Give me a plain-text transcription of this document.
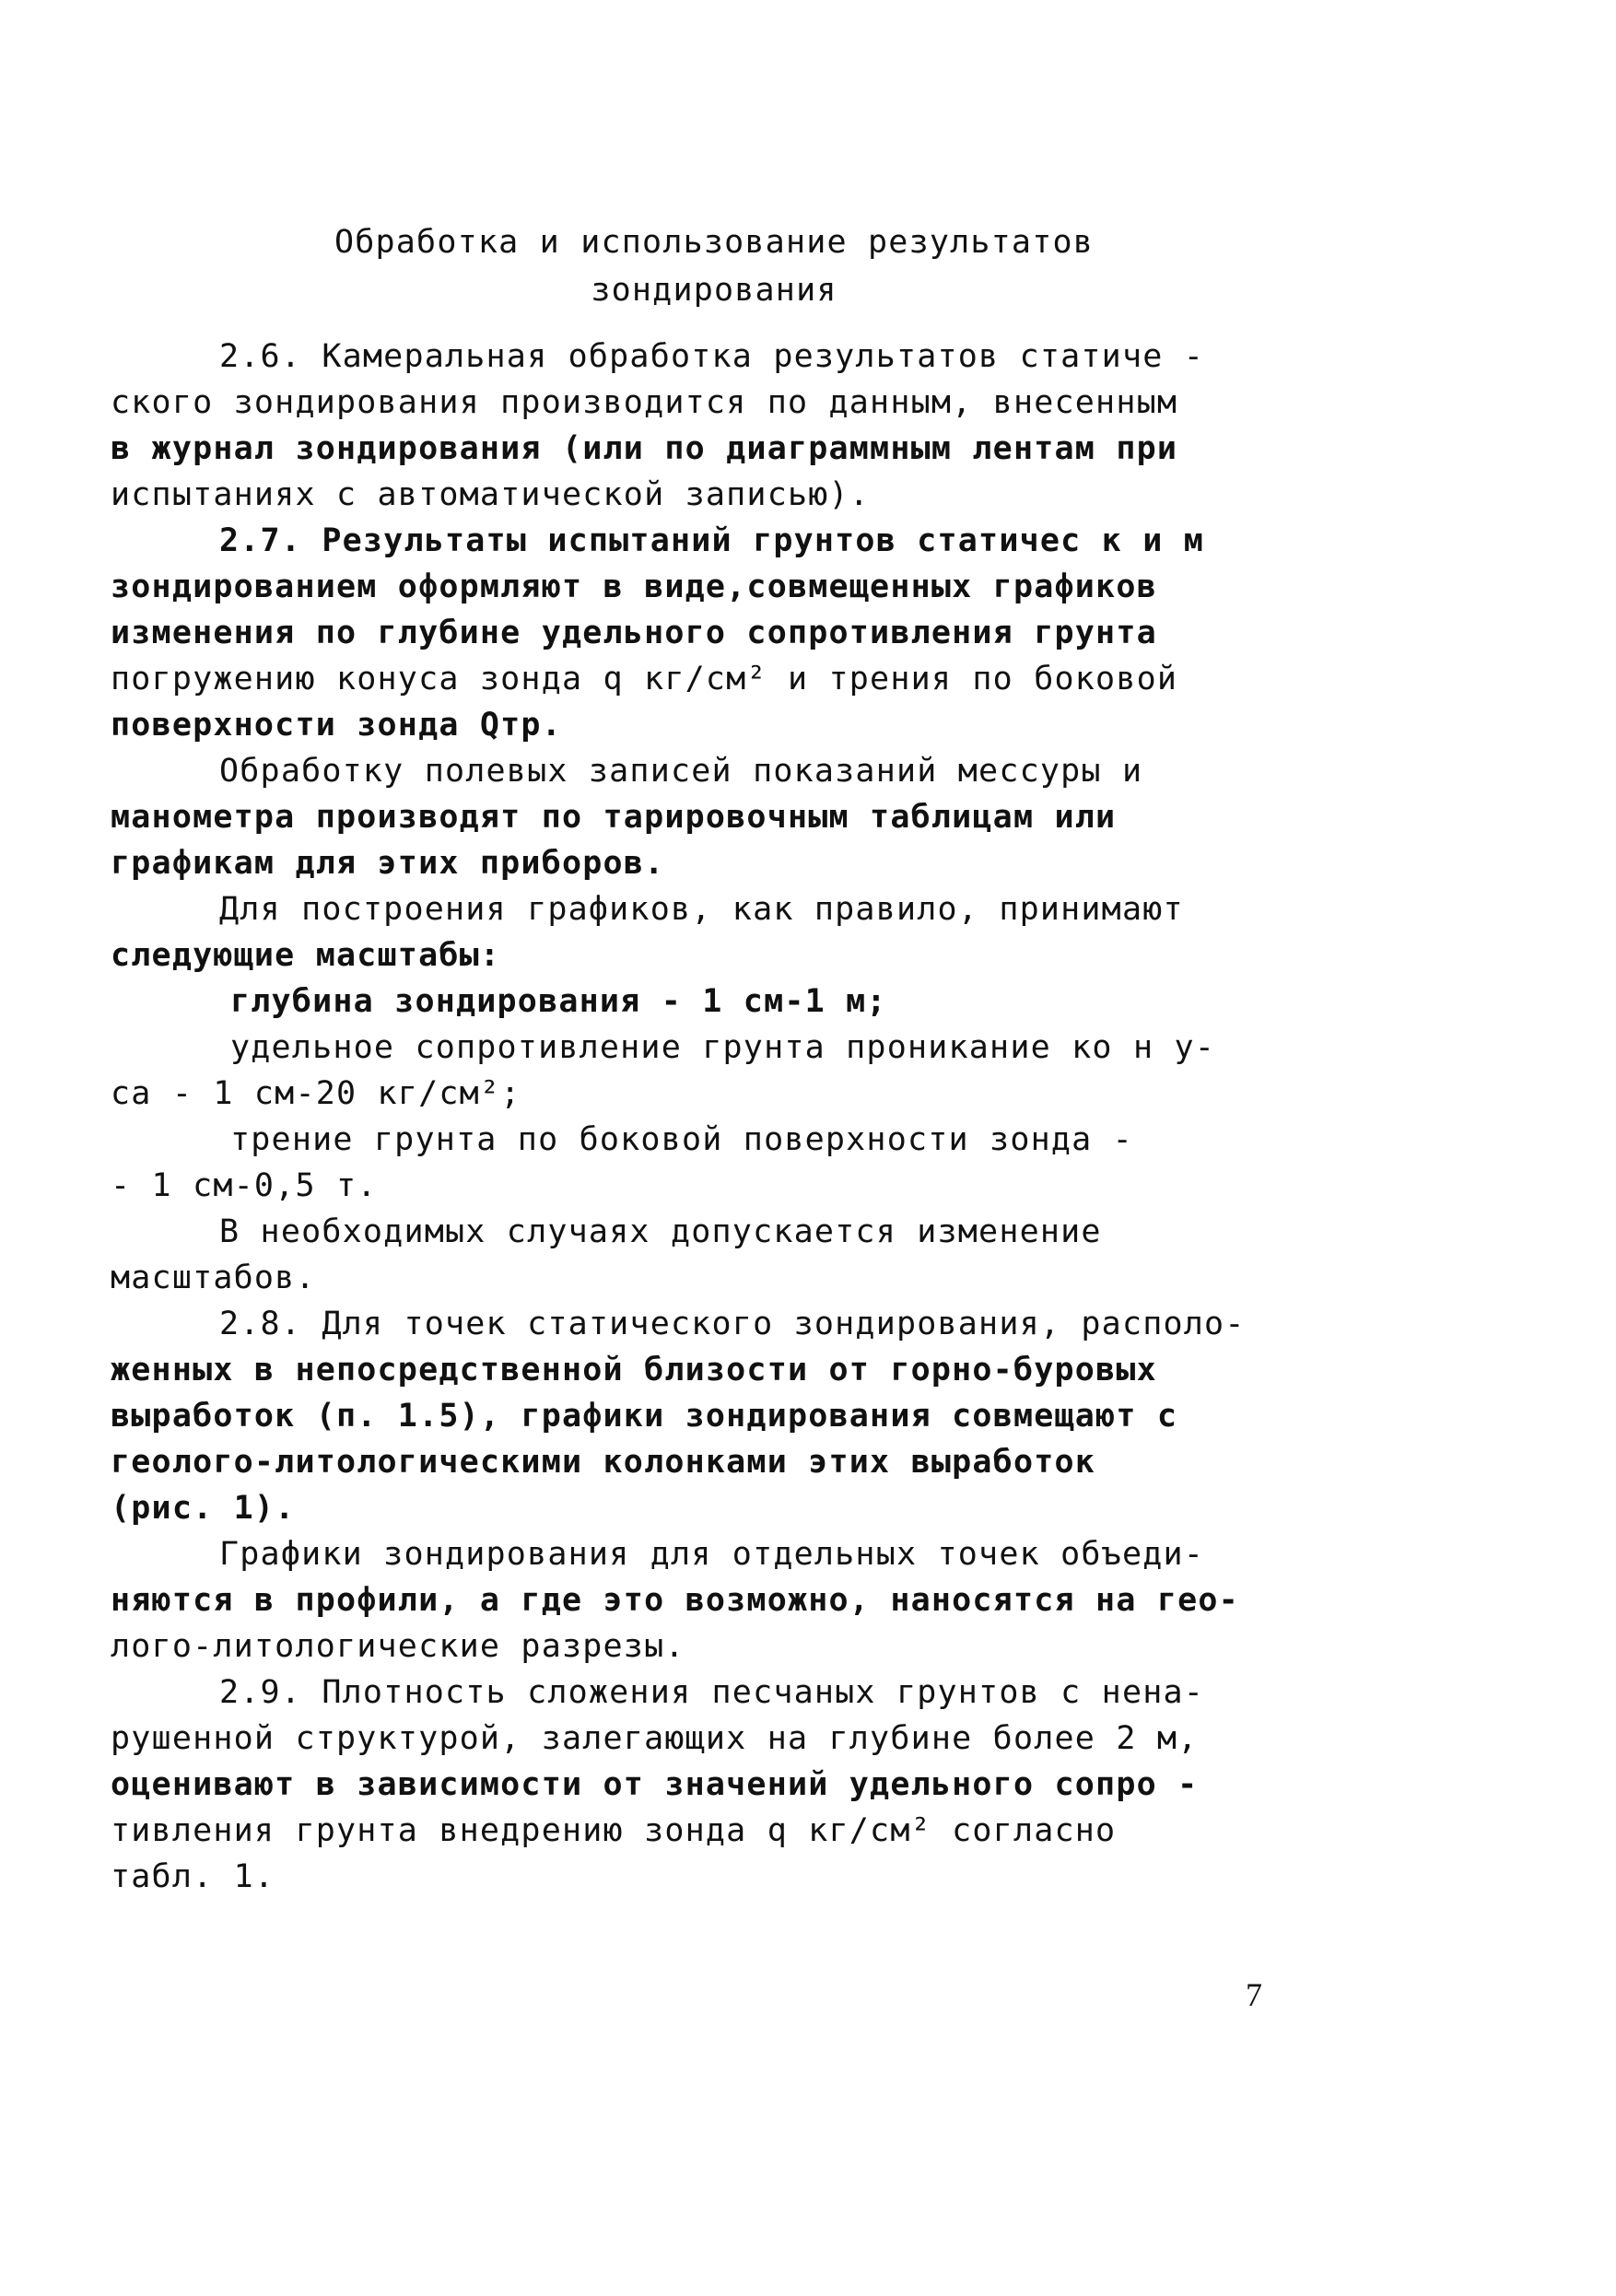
Обработка и использование результатов
зондирования
2.6. Камеральная обработка результатов статиче -
ского зондирования производится по данным, внесенным
в журнал зондирования (или по диаграммным лентам при
испытаниях с автоматической записью).
2.7. Результаты испытаний грунтов статичес к и м
зондированием оформляют в виде,совмещенных графиков
изменения по глубине удельного сопротивления грунта
погружению конуса зонда q кг/см² и трения по боковой
поверхности зонда Qтр.
Обработку полевых записей показаний мессуры и
манометра производят по тарировочным таблицам или
графикам для этих приборов.
Для построения графиков, как правило, принимают
следующие масштабы:
глубина зондирования - 1 см-1 м;
удельное сопротивление грунта проникание ко н у-
са - 1 см-20 кг/см²;
трение грунта по боковой поверхности зонда -
- 1 см-0,5 т.
В необходимых случаях допускается изменение
масштабов.
2.8. Для точек статического зондирования, располо-
женных в непосредственной близости от горно-буровых
выработок (п. 1.5), графики зондирования совмещают с
геолого-литологическими колонками этих выработок
(рис. 1).
Графики зондирования для отдельных точек объеди-
няются в профили, а где это возможно, наносятся на гео-
лого-литологические разрезы.
2.9. Плотность сложения песчаных грунтов с нена-
рушенной структурой, залегающих на глубине более 2 м,
оценивают в зависимости от значений удельного сопро -
тивления грунта внедрению зонда q кг/см² согласно
табл. 1.
7
